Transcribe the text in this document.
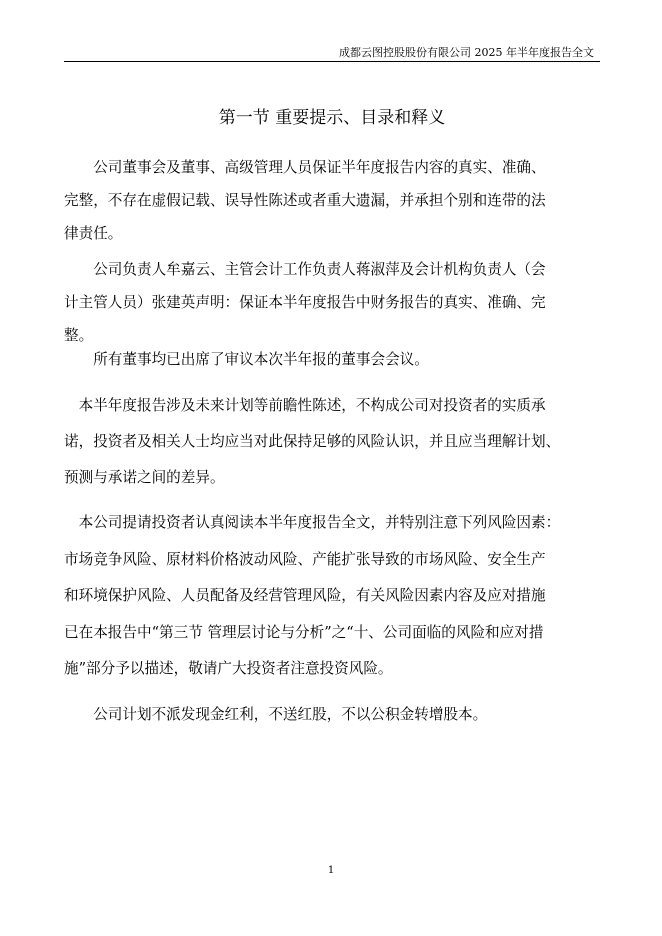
成都云图控股股份有限公司 2025 年半年度报告全文
第一节 重要提示、目录和释义
　　公司董事会及董事、高级管理人员保证半年度报告内容的真实、准确、
完整，不存在虚假记载、误导性陈述或者重大遗漏，并承担个别和连带的法
律责任。
　　公司负责人牟嘉云、主管会计工作负责人蒋淑萍及会计机构负责人（会
计主管人员）张建英声明：保证本半年度报告中财务报告的真实、准确、完
整。
　　所有董事均已出席了审议本次半年报的董事会会议。
　本半年度报告涉及未来计划等前瞻性陈述，不构成公司对投资者的实质承
诺，投资者及相关人士均应当对此保持足够的风险认识，并且应当理解计划、
预测与承诺之间的差异。
　本公司提请投资者认真阅读本半年度报告全文，并特别注意下列风险因素：
市场竞争风险、原材料价格波动风险、产能扩张导致的市场风险、安全生产
和环境保护风险、人员配备及经营管理风险，有关风险因素内容及应对措施
已在本报告中“第三节 管理层讨论与分析”之“十、公司面临的风险和应对措
施”部分予以描述，敬请广大投资者注意投资风险。
　　公司计划不派发现金红利，不送红股，不以公积金转增股本。
1
